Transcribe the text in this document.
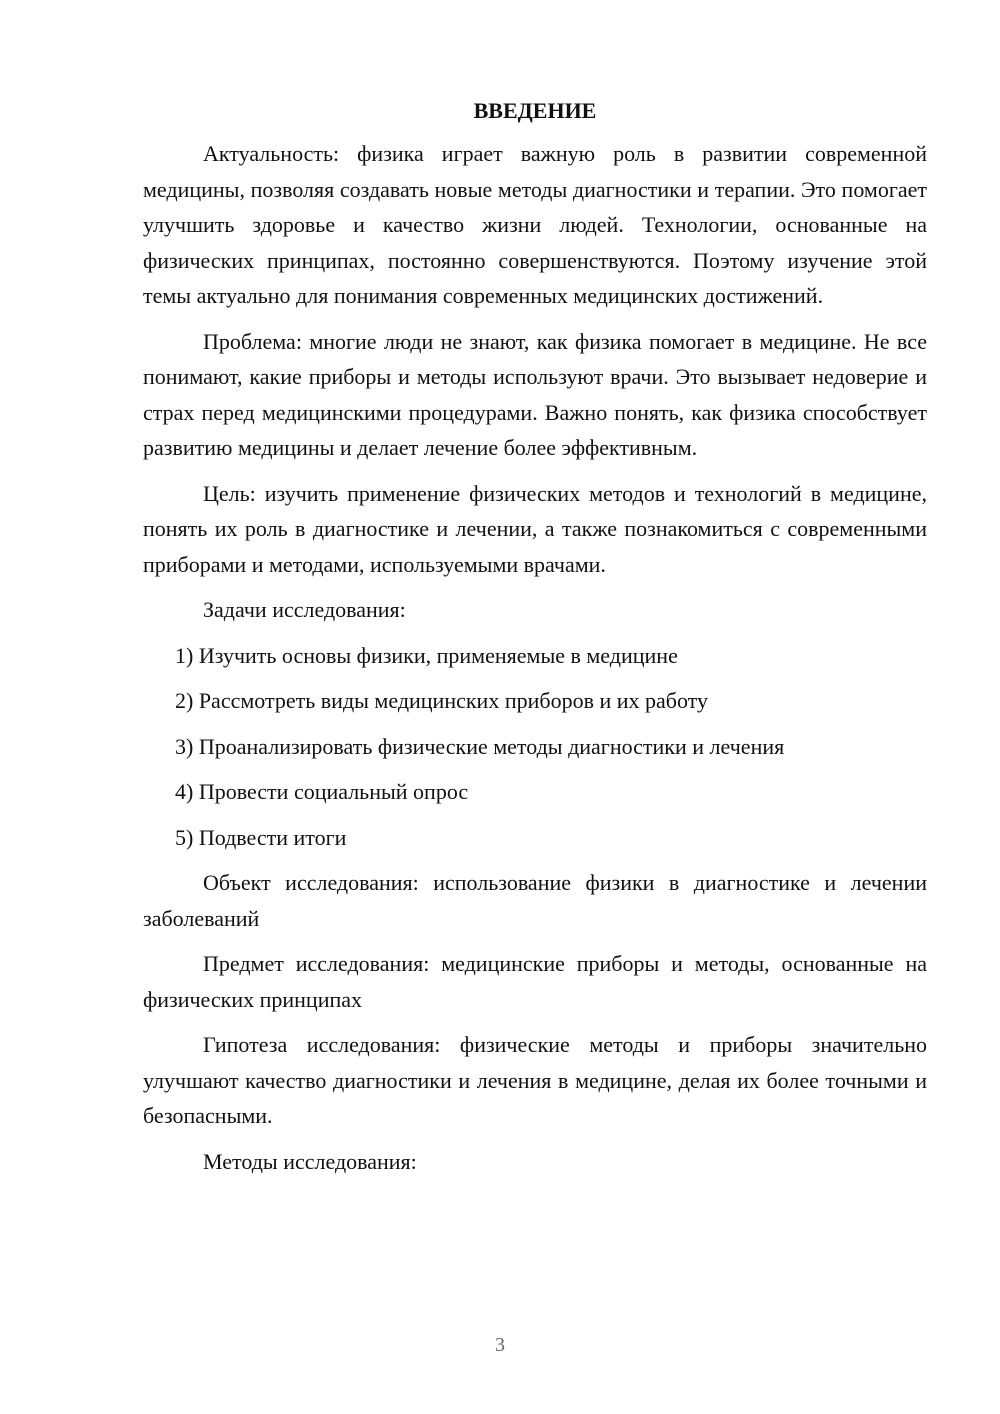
ВВЕДЕНИЕ

Актуальность: физика играет важную роль в развитии современной медицины, позволяя создавать новые методы диагностики и терапии. Это помогает улучшить здоровье и качество жизни людей. Технологии, основанные на физических принципах, постоянно совершенствуются. Поэтому изучение этой темы актуально для понимания современных медицинских достижений.

Проблема: многие люди не знают, как физика помогает в медицине. Не все понимают, какие приборы и методы используют врачи. Это вызывает недоверие и страх перед медицинскими процедурами. Важно понять, как физика способствует развитию медицины и делает лечение более эффективным.

Цель: изучить применение физических методов и технологий в медицине, понять их роль в диагностике и лечении, а также познакомиться с современными приборами и методами, используемыми врачами.

Задачи исследования:

1) Изучить основы физики, применяемые в медицине
2) Рассмотреть виды медицинских приборов и их работу
3) Проанализировать физические методы диагностики и лечения
4) Провести социальный опрос
5) Подвести итоги

Объект исследования: использование физики в диагностике и лечении заболеваний

Предмет исследования: медицинские приборы и методы, основанные на физических принципах

Гипотеза исследования: физические методы и приборы значительно улучшают качество диагностики и лечения в медицине, делая их более точными и безопасными.

Методы исследования:

3
